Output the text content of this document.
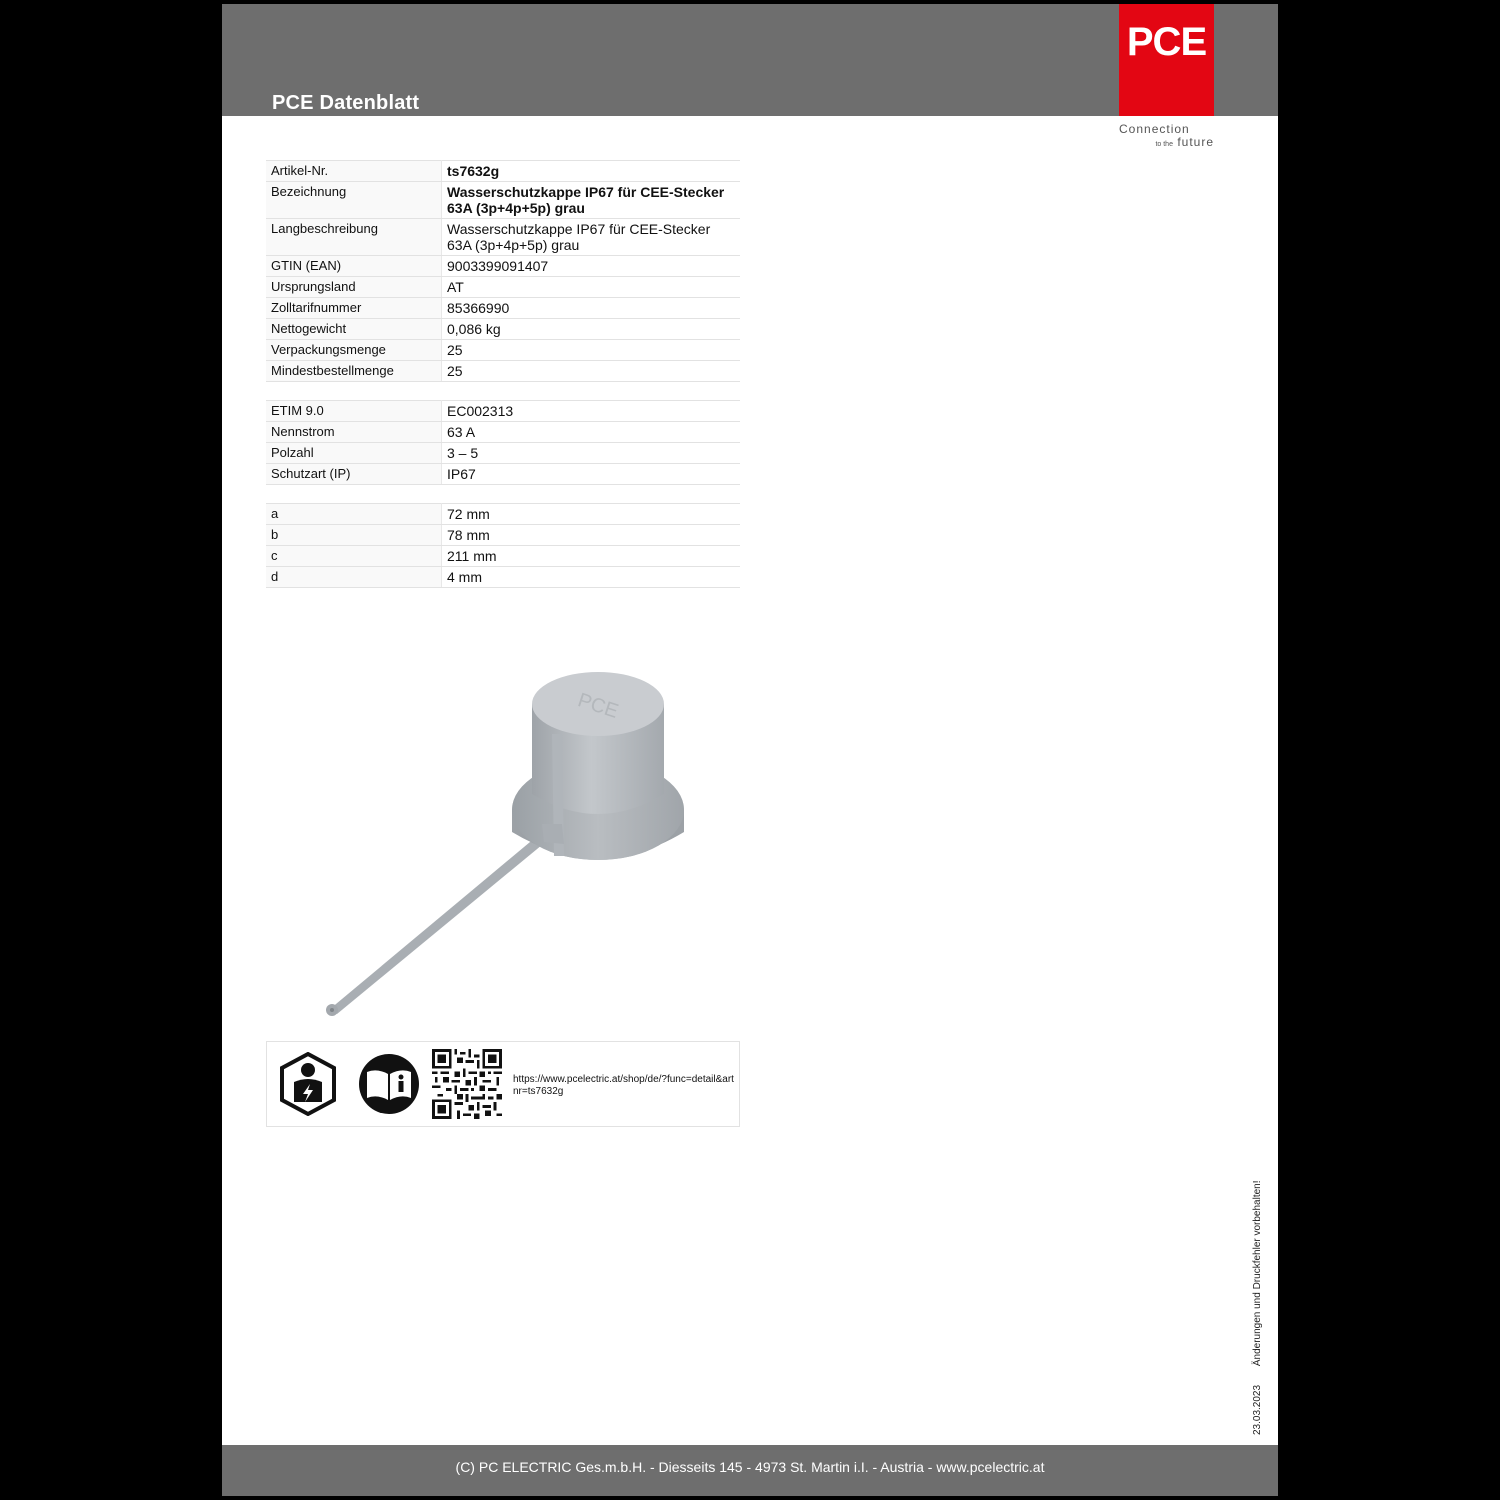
PCE Datenblatt
PCE
Connection
to the future
Artikel-Nr.	ts7632g
Bezeichnung	Wasserschutzkappe IP67 für CEE-Stecker 63A (3p+4p+5p) grau
Langbeschreibung	Wasserschutzkappe IP67 für CEE-Stecker 63A (3p+4p+5p) grau
GTIN (EAN)	9003399091407
Ursprungsland	AT
Zolltarifnummer	85366990
Nettogewicht	0,086 kg
Verpackungsmenge	25
Mindestbestellmenge	25
ETIM 9.0	EC002313
Nennstrom	63 A
Polzahl	3 – 5
Schutzart (IP)	IP67
a	72 mm
b	78 mm
c	211 mm
d	4 mm
PCE
https://www.pcelectric.at/shop/de/?func=detail&artnr=ts7632g
23.03.2023 Änderungen und Druckfehler vorbehalten!
(C) PC ELECTRIC Ges.m.b.H. - Diesseits 145 - 4973 St. Martin i.I. - Austria - www.pcelectric.at
